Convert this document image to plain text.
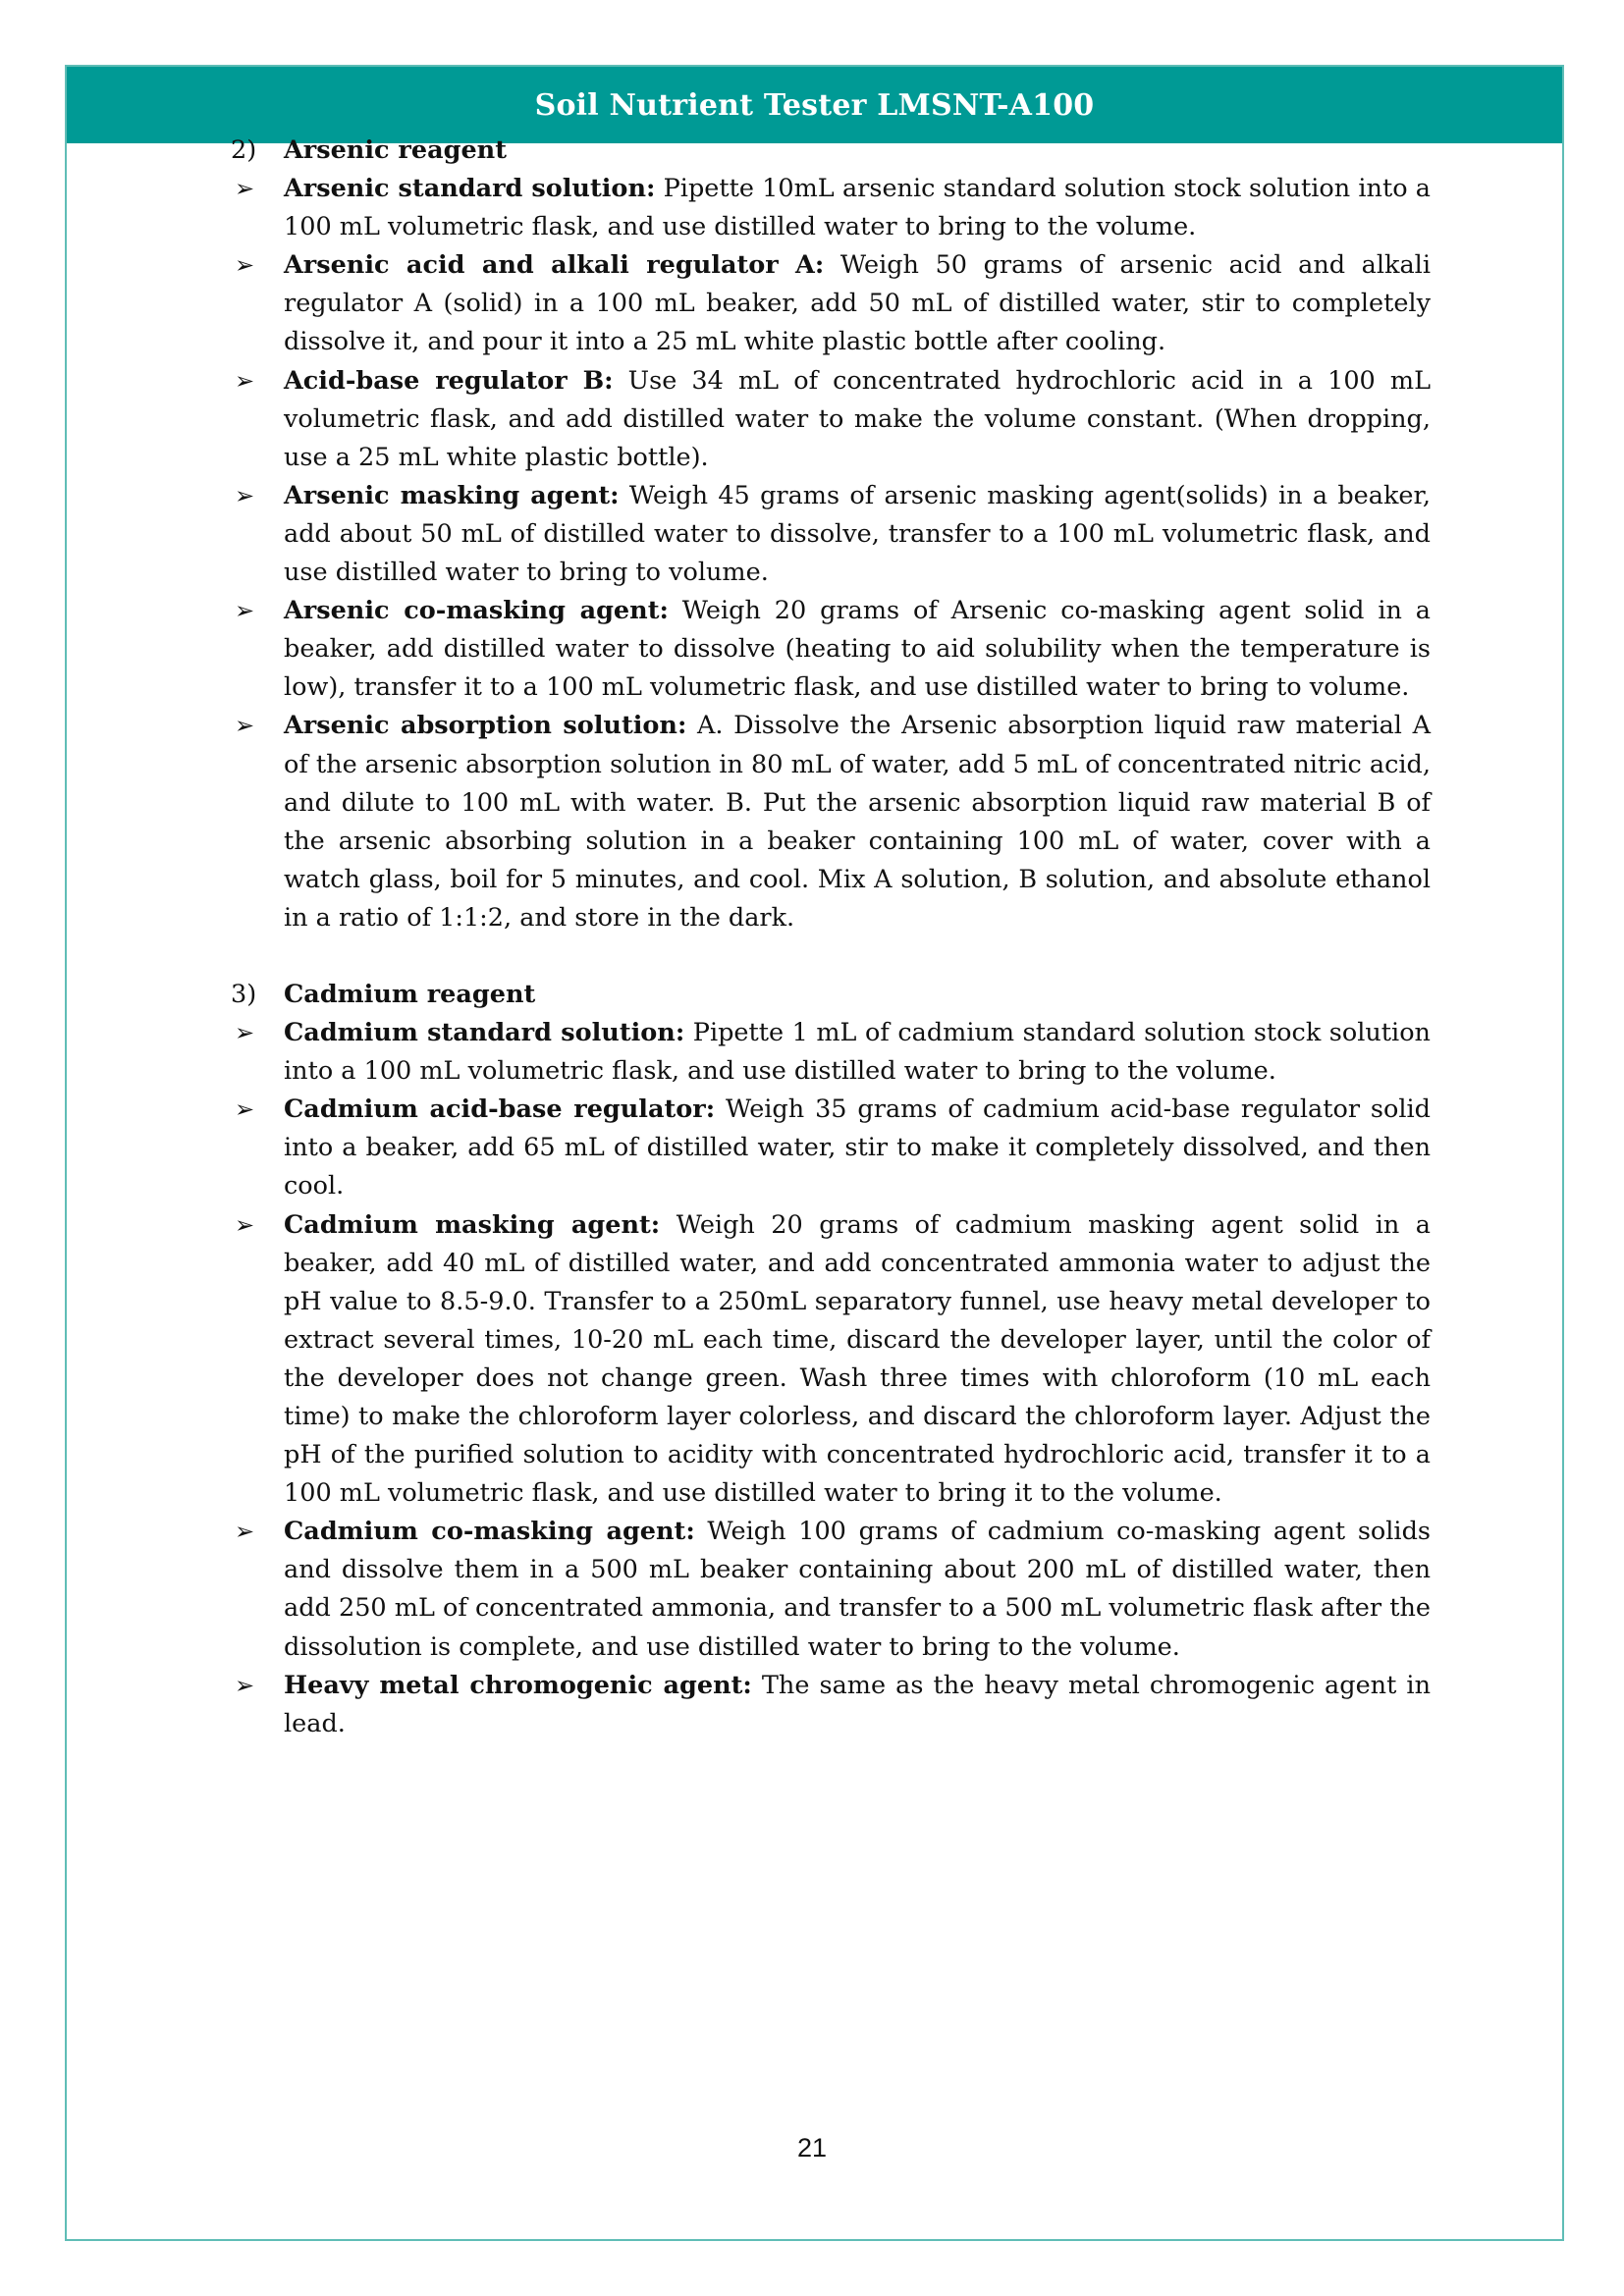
Soil Nutrient Tester LMSNT-A100

2) Arsenic reagent

➢ Arsenic standard solution: Pipette 10mL arsenic standard solution stock solution into a 100 mL volumetric flask, and use distilled water to bring to the volume.

➢ Arsenic acid and alkali regulator A: Weigh 50 grams of arsenic acid and alkali regulator A (solid) in a 100 mL beaker, add 50 mL of distilled water, stir to completely dissolve it, and pour it into a 25 mL white plastic bottle after cooling.

➢ Acid-base regulator B: Use 34 mL of concentrated hydrochloric acid in a 100 mL volumetric flask, and add distilled water to make the volume constant. (When dropping, use a 25 mL white plastic bottle).

➢ Arsenic masking agent: Weigh 45 grams of arsenic masking agent(solids) in a beaker, add about 50 mL of distilled water to dissolve, transfer to a 100 mL volumetric flask, and use distilled water to bring to volume.

➢ Arsenic co-masking agent: Weigh 20 grams of Arsenic co-masking agent solid in a beaker, add distilled water to dissolve (heating to aid solubility when the temperature is low), transfer it to a 100 mL volumetric flask, and use distilled water to bring to volume.

➢ Arsenic absorption solution: A. Dissolve the Arsenic absorption liquid raw material A of the arsenic absorption solution in 80 mL of water, add 5 mL of concentrated nitric acid, and dilute to 100 mL with water. B. Put the arsenic absorption liquid raw material B of the arsenic absorbing solution in a beaker containing 100 mL of water, cover with a watch glass, boil for 5 minutes, and cool. Mix A solution, B solution, and absolute ethanol in a ratio of 1:1:2, and store in the dark.

3) Cadmium reagent

➢ Cadmium standard solution: Pipette 1 mL of cadmium standard solution stock solution into a 100 mL volumetric flask, and use distilled water to bring to the volume.

➢ Cadmium acid-base regulator: Weigh 35 grams of cadmium acid-base regulator solid into a beaker, add 65 mL of distilled water, stir to make it completely dissolved, and then cool.

➢ Cadmium masking agent: Weigh 20 grams of cadmium masking agent solid in a beaker, add 40 mL of distilled water, and add concentrated ammonia water to adjust the pH value to 8.5-9.0. Transfer to a 250mL separatory funnel, use heavy metal developer to extract several times, 10-20 mL each time, discard the developer layer, until the color of the developer does not change green. Wash three times with chloroform (10 mL each time) to make the chloroform layer colorless, and discard the chloroform layer. Adjust the pH of the purified solution to acidity with concentrated hydrochloric acid, transfer it to a 100 mL volumetric flask, and use distilled water to bring it to the volume.

➢ Cadmium co-masking agent: Weigh 100 grams of cadmium co-masking agent solids and dissolve them in a 500 mL beaker containing about 200 mL of distilled water, then add 250 mL of concentrated ammonia, and transfer to a 500 mL volumetric flask after the dissolution is complete, and use distilled water to bring to the volume.

➢ Heavy metal chromogenic agent: The same as the heavy metal chromogenic agent in lead.

21
